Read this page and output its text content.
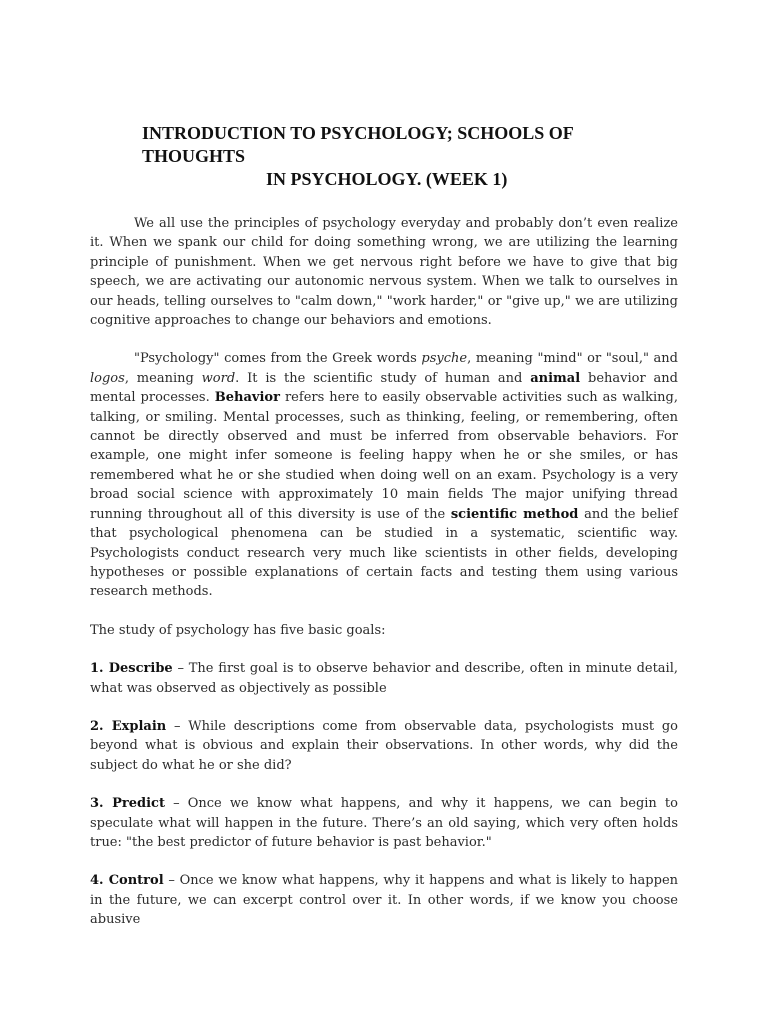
INTRODUCTION TO PSYCHOLOGY; SCHOOLS OF THOUGHTS
IN PSYCHOLOGY. (WEEK 1)

We all use the principles of psychology everyday and probably don’t even realize it. When we spank our child for doing something wrong, we are utilizing the learning principle of punishment. When we get nervous right before we have to give that big speech, we are activating our autonomic nervous system. When we talk to ourselves in our heads, telling ourselves to "calm down," "work harder," or "give up," we are utilizing cognitive approaches to change our behaviors and emotions.

"Psychology" comes from the Greek words psyche, meaning "mind" or "soul," and logos, meaning word. It is the scientific study of human and animal behavior and mental processes. Behavior refers here to easily observable activities such as walking, talking, or smiling. Mental processes, such as thinking, feeling, or remembering, often cannot be directly observed and must be inferred from observable behaviors. For example, one might infer someone is feeling happy when he or she smiles, or has remembered what he or she studied when doing well on an exam. Psychology is a very broad social science with approximately 10 main fields The major unifying thread running throughout all of this diversity is use of the scientific method and the belief that psychological phenomena can be studied in a systematic, scientific way. Psychologists conduct research very much like scientists in other fields, developing hypotheses or possible explanations of certain facts and testing them using various research methods.

The study of psychology has five basic goals:

1. Describe – The first goal is to observe behavior and describe, often in minute detail, what was observed as objectively as possible

2. Explain – While descriptions come from observable data, psychologists must go beyond what is obvious and explain their observations. In other words, why did the subject do what he or she did?

3. Predict – Once we know what happens, and why it happens, we can begin to speculate what will happen in the future. There’s an old saying, which very often holds true: "the best predictor of future behavior is past behavior."

4. Control – Once we know what happens, why it happens and what is likely to happen in the future, we can excerpt control over it. In other words, if we know you choose abusive
